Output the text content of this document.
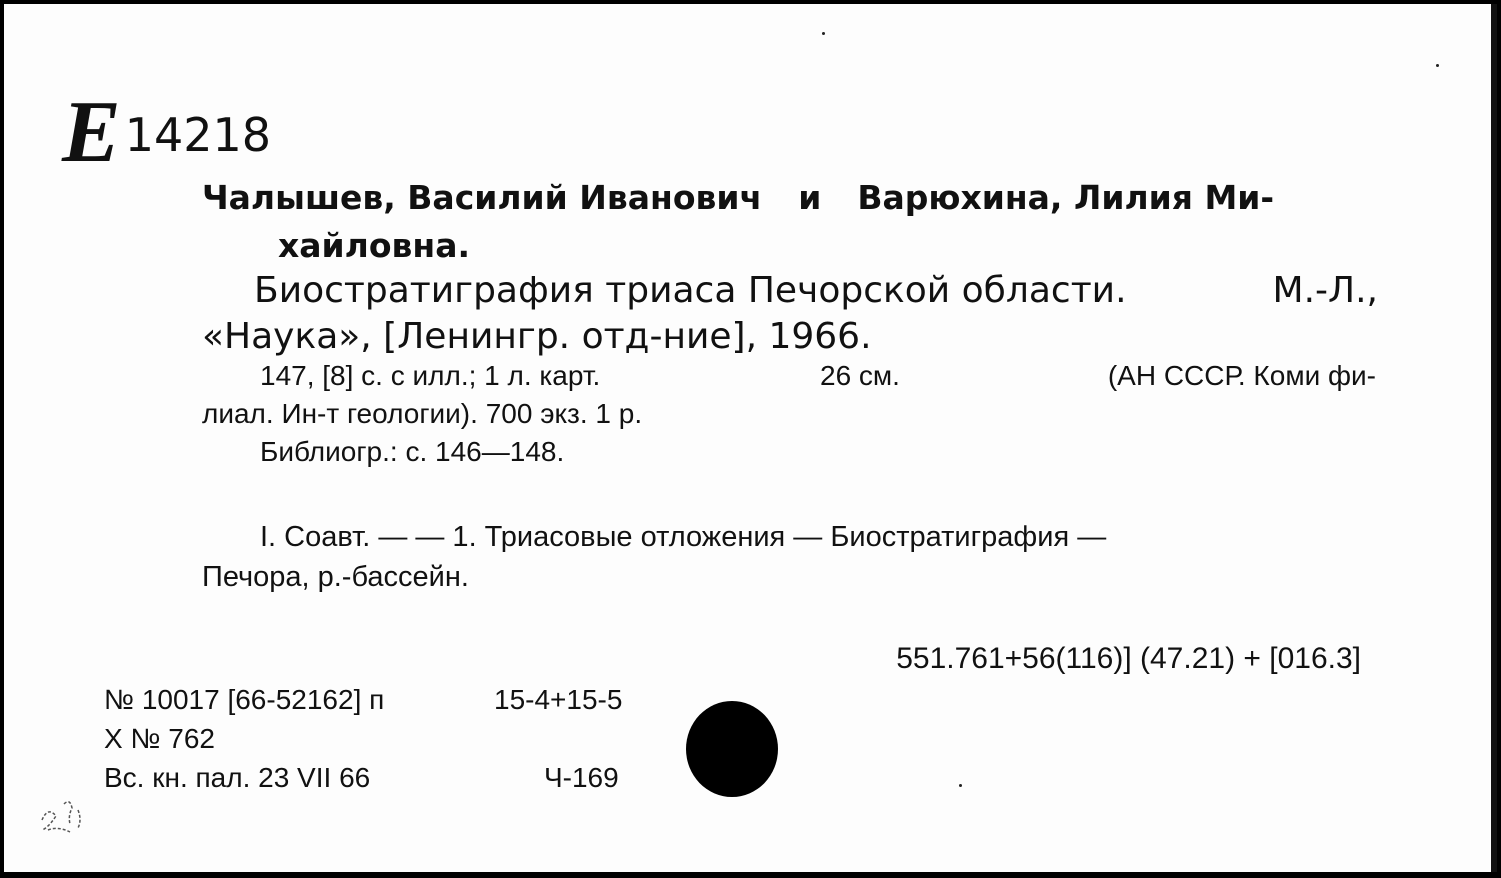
E 14218
Чалышев, Василий Иванович и Варюхина, Лилия Ми-
хайловна.
Биостратиграфия триаса Печорской области.	М.-Л.,
«Наука», [Ленингр. отд-ние], 1966.
147, [8] с. с илл.; 1 л. карт.	26 см.	(АН СССР. Коми фи-
лиал. Ин-т геологии). 700 экз. 1 р.
Библиогр.: с. 146—148.
I. Соавт. — — 1. Триасовые отложения — Биостратиграфия —
Печора, р.-бассейн.
551.761+56(116)] (47.21) + [016.3]
№ 10017 [66-52162] п	15-4+15-5
Х № 762
Вс. кн. пал. 23 VII 66	Ч-169
